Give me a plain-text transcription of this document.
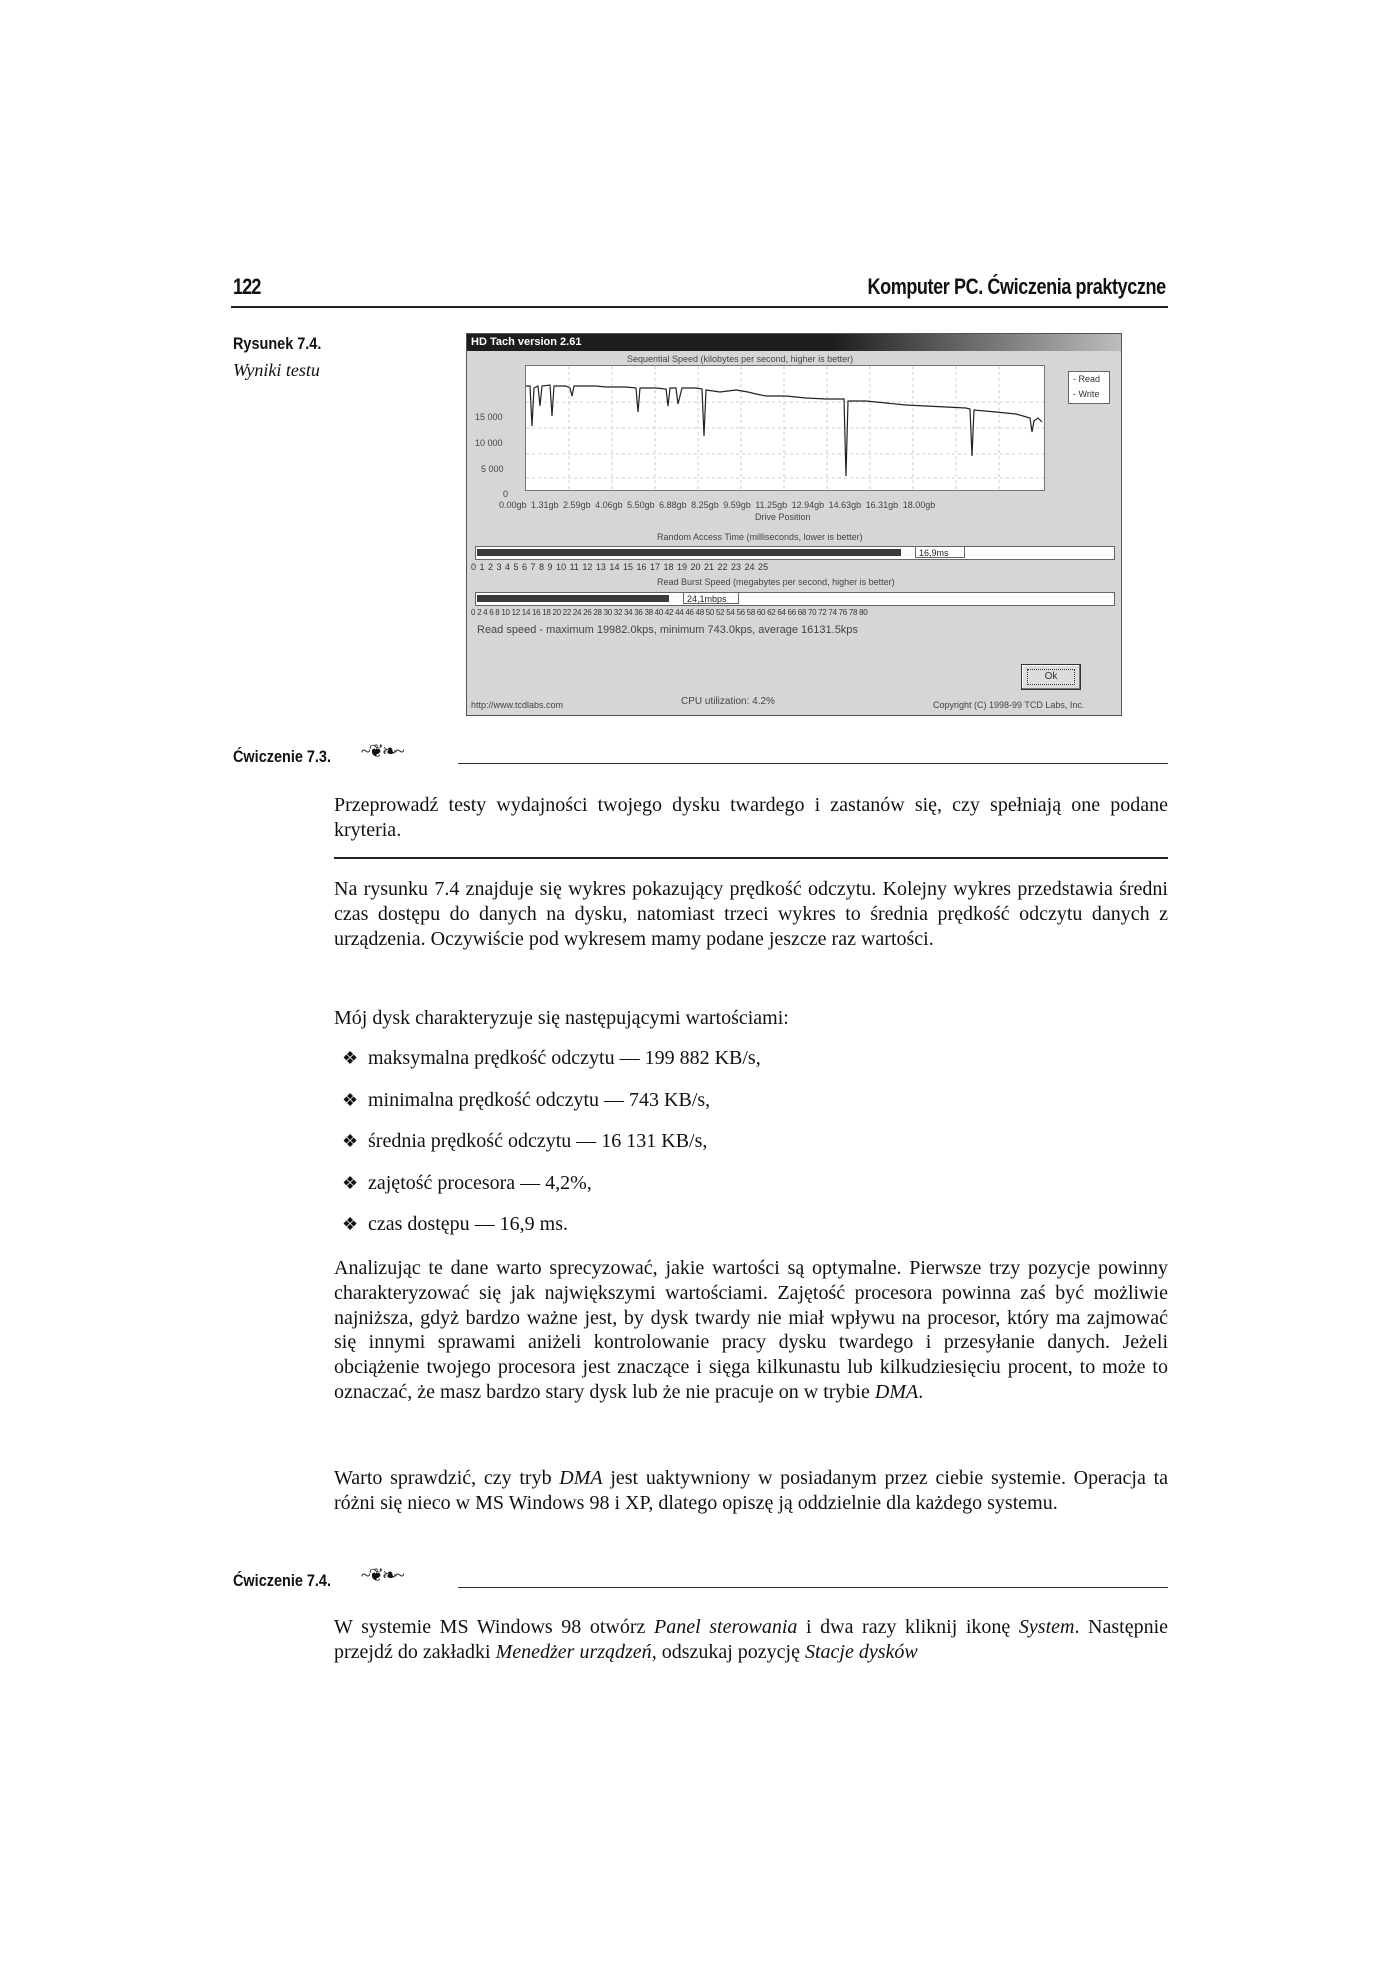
122	Komputer PC. Ćwiczenia praktyczne
Rysunek 7.4.
Wyniki testu
HD Tach version 2.61
Sequential Speed (kilobytes per second, higher is better)
15 000
10 000
5 000
0
- Read
- Write
0.00gb 1.31gb 2.59gb 4.06gb 5.50gb 6.88gb 8.25gb 9.59gb 11.25gb 12.94gb 14.63gb 16.31gb 18.00gb
Drive Position
Random Access Time (milliseconds, lower is better)
16,9ms
0 1 2 3 4 5 6 7 8 9 10 11 12 13 14 15 16 17 18 19 20 21 22 23 24 25
Read Burst Speed (megabytes per second, higher is better)
24,1mbps
0 2 4 6 8 10 12 14 16 18 20 22 24 26 28 30 32 34 36 38 40 42 44 46 48 50 52 54 56 58 60 62 64 66 68 70 72 74 76 78 80
Read speed - maximum 19982.0kps, minimum 743.0kps, average 16131.5kps
Ok
http://www.tcdlabs.com	CPU utilization: 4.2%	Copyright (C) 1998-99 TCD Labs, Inc.
Ćwiczenie 7.3. ~❦❧~
Przeprowadź testy wydajności twojego dysku twardego i zastanów się, czy spełniają one podane kryteria.

Na rysunku 7.4 znajduje się wykres pokazujący prędkość odczytu. Kolejny wykres przedstawia średni czas dostępu do danych na dysku, natomiast trzeci wykres to średnia prędkość odczytu danych z urządzenia. Oczywiście pod wykresem mamy podane jeszcze raz wartości.

Mój dysk charakteryzuje się następującymi wartościami:

❖ maksymalna prędkość odczytu — 199 882 KB/s,
❖ minimalna prędkość odczytu — 743 KB/s,
❖ średnia prędkość odczytu — 16 131 KB/s,
❖ zajętość procesora — 4,2%,
❖ czas dostępu — 16,9 ms.

Analizując te dane warto sprecyzować, jakie wartości są optymalne. Pierwsze trzy pozycje powinny charakteryzować się jak największymi wartościami. Zajętość procesora powinna zaś być możliwie najniższa, gdyż bardzo ważne jest, by dysk twardy nie miał wpływu na procesor, który ma zajmować się innymi sprawami aniżeli kontrolowanie pracy dysku twardego i przesyłanie danych. Jeżeli obciążenie twojego procesora jest znaczące i sięga kilkunastu lub kilkudziesięciu procent, to może to oznaczać, że masz bardzo stary dysk lub że nie pracuje on w trybie DMA.

Warto sprawdzić, czy tryb DMA jest uaktywniony w posiadanym przez ciebie systemie. Operacja ta różni się nieco w MS Windows 98 i XP, dlatego opiszę ją oddzielnie dla każdego systemu.

Ćwiczenie 7.4. ~❦❧~

W systemie MS Windows 98 otwórz Panel sterowania i dwa razy kliknij ikonę System. Następnie przejdź do zakładki Menedżer urządzeń, odszukaj pozycję Stacje dysków
